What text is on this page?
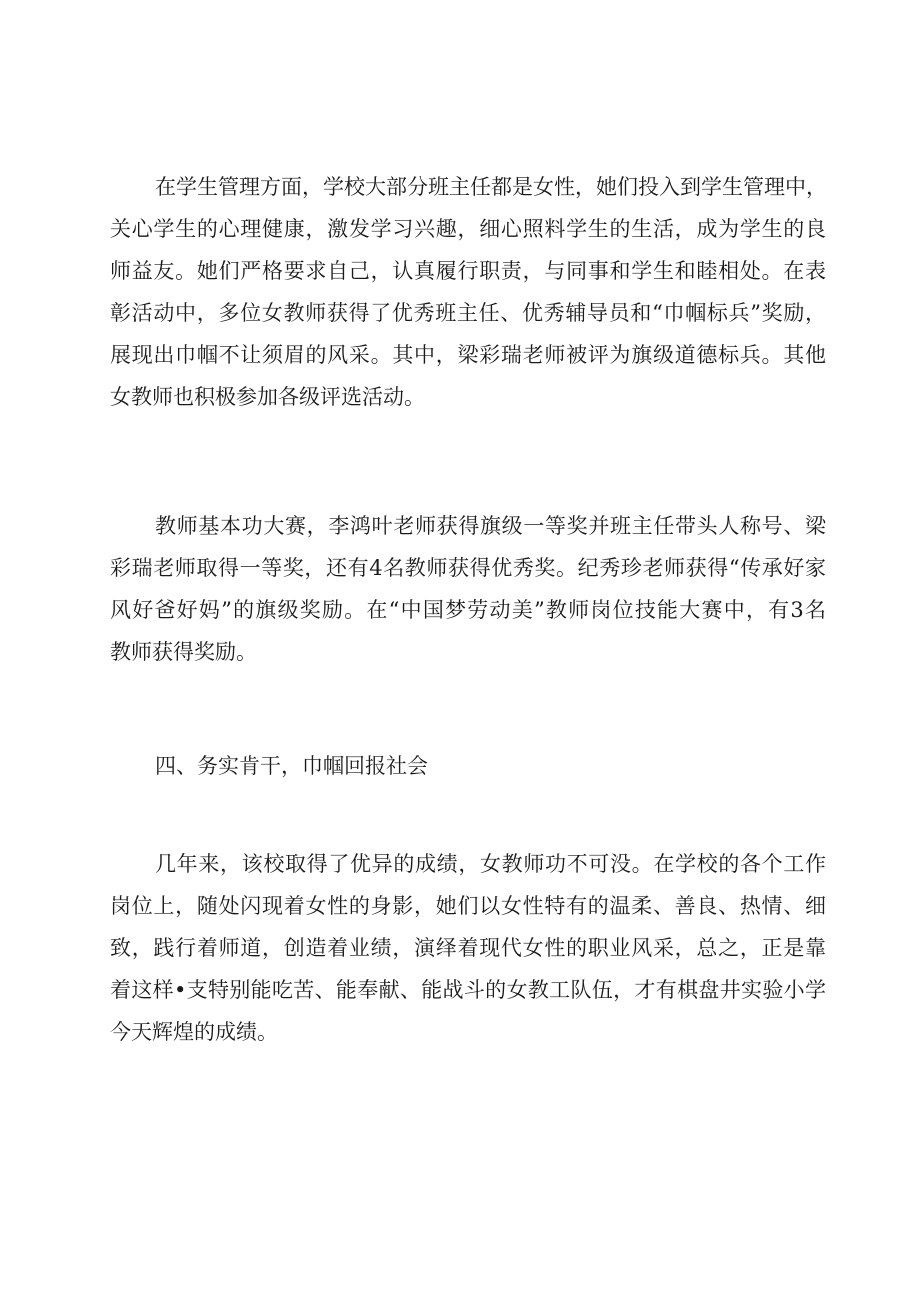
在学生管理方面，学校大部分班主任都是女性，她们投入到学生管理中，
关心学生的心理健康，激发学习兴趣，细心照料学生的生活，成为学生的良
师益友。她们严格要求自己，认真履行职责，与同事和学生和睦相处。在表
彰活动中，多位女教师获得了优秀班主任、优秀辅导员和“巾帼标兵”奖励，
展现出巾帼不让须眉的风采。其中，梁彩瑞老师被评为旗级道德标兵。其他
女教师也积极参加各级评选活动。
教师基本功大赛，李鸿叶老师获得旗级一等奖并班主任带头人称号、梁
彩瑞老师取得一等奖，还有4名教师获得优秀奖。纪秀珍老师获得“传承好家
风好爸好妈”的旗级奖励。在“中国梦劳动美”教师岗位技能大赛中，有3名
教师获得奖励。
四、务实肯干，巾帼回报社会
几年来，该校取得了优异的成绩，女教师功不可没。在学校的各个工作
岗位上，随处闪现着女性的身影，她们以女性特有的温柔、善良、热情、细
致，践行着师道，创造着业绩，演绎着现代女性的职业风采，总之，正是靠
着这样•支特别能吃苦、能奉献、能战斗的女教工队伍，才有棋盘井实验小学
今天辉煌的成绩。
